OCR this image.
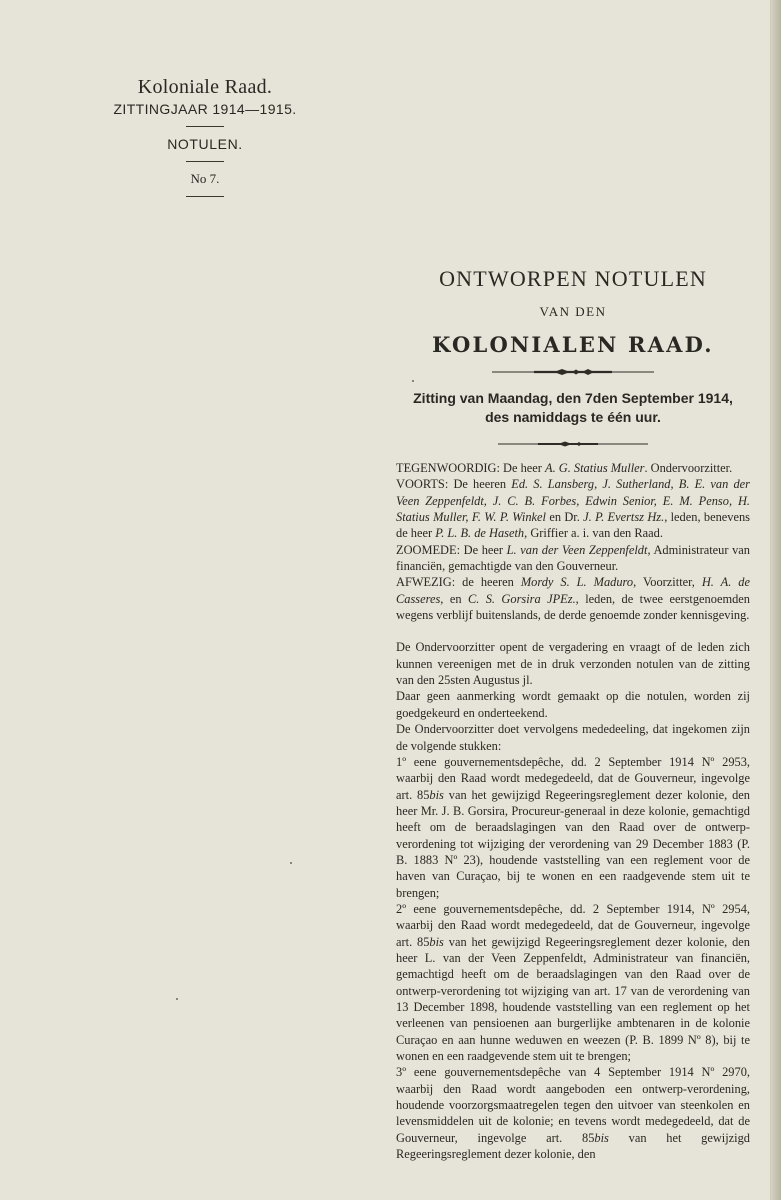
Koloniale Raad.
ZITTINGJAAR 1914—1915.
NOTULEN.
No 7.
ONTWORPEN NOTULEN
VAN DEN
KOLONIALEN RAAD.
Zitting van Maandag, den 7den September 1914,
des namiddags te één uur.

TEGENWOORDIG: De heer A. G. Statius Muller. Ondervoorzitter.

VOORTS: De heeren Ed. S. Lansberg, J. Sutherland, B. E. van der Veen Zeppenfeldt, J. C. B. Forbes, Edwin Senior, E. M. Penso, H. Statius Muller, F. W. P. Winkel en Dr. J. P. Evertsz Hz., leden, benevens de heer P. L. B. de Haseth, Griffier a. i. van den Raad.

ZOOMEDE: De heer L. van der Veen Zeppenfeldt, Administrateur van financiën, gemachtigde van den Gouverneur.

AFWEZIG: de heeren Mordy S. L. Maduro, Voorzitter, H. A. de Casseres, en C. S. Gorsira JPEz., leden, de twee eerstgenoemden wegens verblijf buitenslands, de derde genoemde zonder kennisgeving.

De Ondervoorzitter opent de vergadering en vraagt of de leden zich kunnen vereenigen met de in druk verzonden notulen van de zitting van den 25sten Augustus jl.

Daar geen aanmerking wordt gemaakt op die notulen, worden zij goedgekeurd en onderteekend.

De Ondervoorzitter doet vervolgens mededeeling, dat ingekomen zijn de volgende stukken:

1º eene gouvernementsdepêche, dd. 2 September 1914 Nº 2953, waarbij den Raad wordt medegedeeld, dat de Gouverneur, ingevolge art. 85bis van het gewijzigd Regeeringsreglement dezer kolonie, den heer Mr. J. B. Gorsira, Procureur-generaal in deze kolonie, gemachtigd heeft om de beraadslagingen van den Raad over de ontwerp-verordening tot wijziging der verordening van 29 December 1883 (P. B. 1883 Nº 23), houdende vaststelling van een reglement voor de haven van Curaçao, bij te wonen en een raadgevende stem uit te brengen;

2º eene gouvernementsdepêche, dd. 2 September 1914, Nº 2954, waarbij den Raad wordt medegedeeld, dat de Gouverneur, ingevolge art. 85bis van het gewijzigd Regeeringsreglement dezer kolonie, den heer L. van der Veen Zeppenfeldt, Administrateur van financiën, gemachtigd heeft om de beraadslagingen van den Raad over de ontwerp-verordening tot wijziging van art. 17 van de verordening van 13 December 1898, houdende vaststelling van een reglement op het verleenen van pensioenen aan burgerlijke ambtenaren in de kolonie Curaçao en aan hunne weduwen en weezen (P. B. 1899 Nº 8), bij te wonen en een raadgevende stem uit te brengen;

3º eene gouvernementsdepêche van 4 September 1914 Nº 2970, waarbij den Raad wordt aangeboden een ontwerp-verordening, houdende voorzorgsmaatregelen tegen den uitvoer van steenkolen en levensmiddelen uit de kolonie; en tevens wordt medegedeeld, dat de Gouverneur, ingevolge art. 85bis van het gewijzigd Regeeringsreglement dezer kolonie, den
